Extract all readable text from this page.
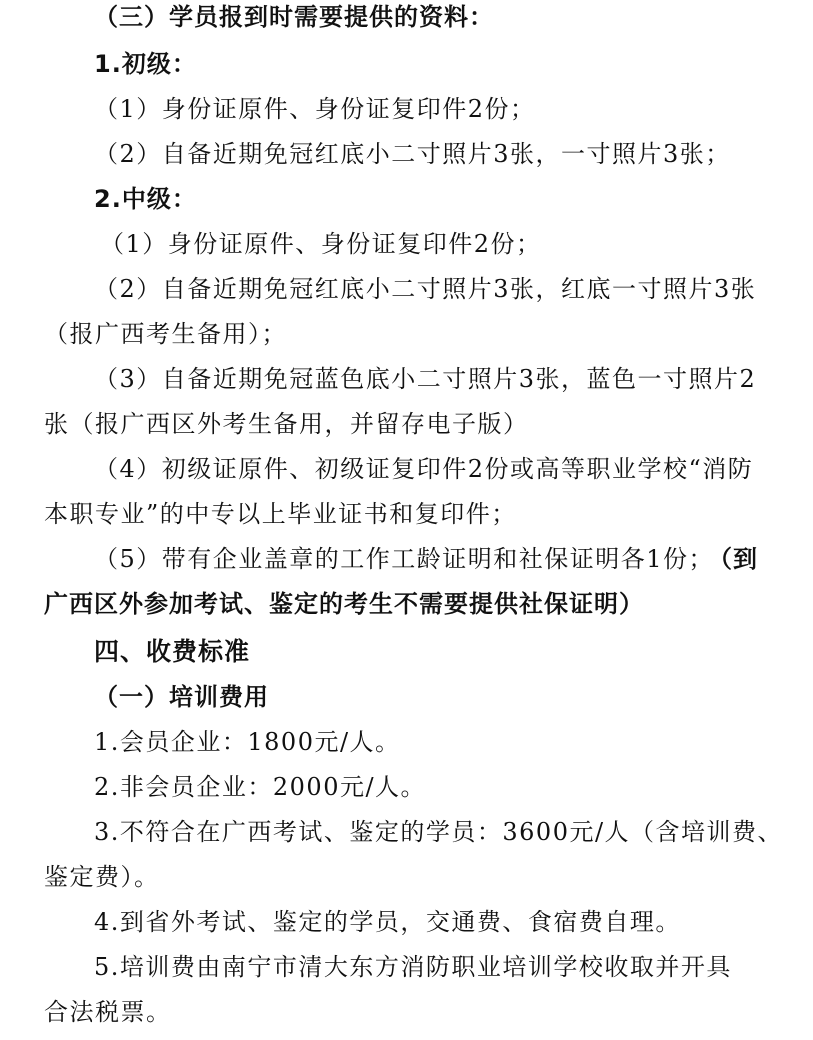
（三）学员报到时需要提供的资料：
1.初级：
（1）身份证原件、身份证复印件2份；
（2）自备近期免冠红底小二寸照片3张，一寸照片3张；
2.中级：
（1）身份证原件、身份证复印件2份；
（2）自备近期免冠红底小二寸照片3张，红底一寸照片3张
（报广西考生备用）；
（3）自备近期免冠蓝色底小二寸照片3张，蓝色一寸照片2
张（报广西区外考生备用，并留存电子版）
（4）初级证原件、初级证复印件2份或高等职业学校“消防
本职专业”的中专以上毕业证书和复印件；
（5）带有企业盖章的工作工龄证明和社保证明各1份；
（到
广西区外参加考试、鉴定的考生不需要提供社保证明）
四、收费标准
（一）培训费用
1.会员企业：1800元/人。
2.非会员企业：2000元/人。
3.不符合在广西考试、鉴定的学员：3600元/人（含培训费、
鉴定费）。
4.到省外考试、鉴定的学员，交通费、食宿费自理。
5.培训费由南宁市清大东方消防职业培训学校收取并开具
合法税票。
